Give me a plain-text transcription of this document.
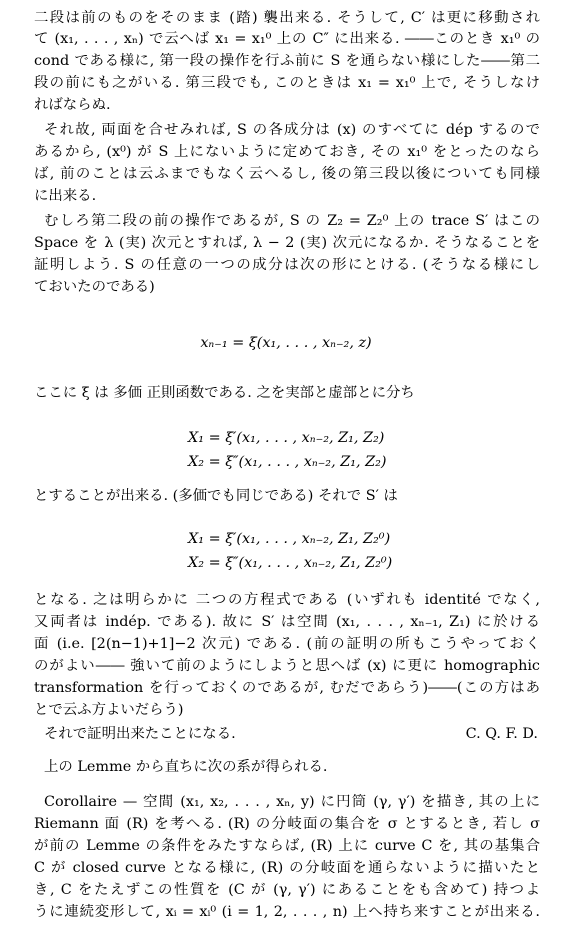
二段は前のものをそのまま (踏) 襲出来る. そうして, C′ は更に移動され
て (x₁, . . . , xₙ) で云へば x₁ = x₁⁰ 上の C″ に出来る. ――このとき x₁⁰ の
cond である様に, 第一段の操作を行ふ前に S を通らない様にした――第二
段の前にも之がいる. 第三段でも, このときは x₁ = x₁⁰ 上で, そうしなけ
ればならぬ.
それ故, 両面を合せみれば, S の各成分は (x) のすべてに dép するので
あるから, (x⁰) が S 上にないように定めておき, その x₁⁰ をとったのなら
ば, 前のことは云ふまでもなく云へるし, 後の第三段以後についても同様
に出来る.
むしろ第二段の前の操作であるが, S の Z₂ = Z₂⁰ 上の trace S′ はこの
Space を λ (実) 次元とすれば, λ − 2 (実) 次元になるか. そうなることを
証明しよう. S の任意の一つの成分は次の形にとける. (そうなる様にし
ておいたのである)
xₙ₋₁ = ξ(x₁, . . . , xₙ₋₂, z)
ここに ξ は 多価 正則函数である. 之を実部と虚部とに分ち
X₁ = ξ′(x₁, . . . , xₙ₋₂, Z₁, Z₂)
X₂ = ξ″(x₁, . . . , xₙ₋₂, Z₁, Z₂)
とすることが出来る. (多価でも同じである) それで S′ は
X₁ = ξ′(x₁, . . . , xₙ₋₂, Z₁, Z₂⁰)
X₂ = ξ″(x₁, . . . , xₙ₋₂, Z₁, Z₂⁰)
となる. 之は明らかに 二つの方程式である (いずれも identité でなく,
又両者は indép. である). 故に S′ は空間 (x₁, . . . , xₙ₋₁, Z₁) に於ける
面 (i.e. [2(n−1)+1]−2 次元) である. (前の証明の所もこうやっておく
のがよい―― 強いて前のようにしようと思へば (x) に更に homographic
transformation を行っておくのであるが, むだであらう)――(この方はあ
とで云ふ方よいだらう)
それで証明出来たことになる.	C. Q. F. D.
上の Lemme から直ちに次の系が得られる.
Corollaire — 空間 (x₁, x₂, . . . , xₙ, y) に円筒 (γ, γ′) を描き, 其の上に
Riemann 面 (R) を考へる. (R) の分岐面の集合を σ とするとき, 若し σ
が前の Lemme の条件をみたすならば, (R) 上に curve C を, 其の基集合
C が closed curve となる様に, (R) の分岐面を通らないように描いたと
き, C をたえずこの性質を (C が (γ, γ′) にあることをも含めて) 持つよ
うに連続変形して, xᵢ = xᵢ⁰ (i = 1, 2, . . . , n) 上へ持ち来すことが出来る.
